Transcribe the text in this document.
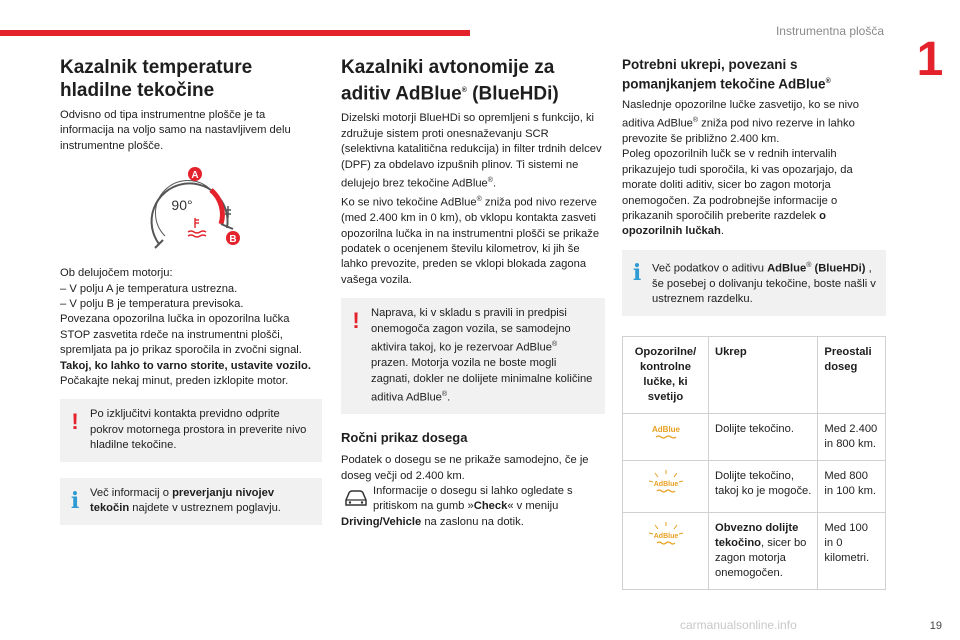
Instrumentna plošča
1
Kazalnik temperature hladilne tekočine

Odvisno od tipa instrumentne plošče je ta informacija na voljo samo na nastavljivem delu instrumentne plošče.

90°
A
B

Ob delujočem motorju:

– V polju A je temperatura ustrezna.

– V polju B je temperatura previsoka.

Povezana opozorilna lučka in opozorilna lučka STOP zasvetita rdeče na instrumentni plošči, spremljata pa jo prikaz sporočila in zvočni signal.

Takoj, ko lahko to varno storite, ustavite vozilo.

Počakajte nekaj minut, preden izklopite motor.

! Po izključitvi kontakta previdno odprite pokrov motornega prostora in preverite nivo hladilne tekočine.
i Več informacij o preverjanju nivojev tekočin najdete v ustreznem poglavju.
Kazalniki avtonomije za aditiv AdBlue® (BlueHDi)

Dizelski motorji BlueHDi so opremljeni s funkcijo, ki združuje sistem proti onesnaževanju SCR (selektivna katalitična redukcija) in filter trdnih delcev (DPF) za obdelavo izpušnih plinov. Ti sistemi ne delujejo brez tekočine AdBlue®.

Ko se nivo tekočine AdBlue® zniža pod nivo rezerve (med 2.400 km in 0 km), ob vklopu kontakta zasveti opozorilna lučka in na instrumentni plošči se prikaže podatek o ocenjenem številu kilometrov, ki jih še lahko prevozite, preden se vklopi blokada zagona vašega vozila.

! Napravа, ki v skladu s pravili in predpisi onemogoča zagon vozila, se samodejno aktivira takoj, ko je rezervoar AdBlue® prazen. Motorja vozila ne boste mogli zagnati, dokler ne dolijete minimalne količine aditiva AdBlue®.
Ročni prikaz dosega

Podatek o dosegu se ne prikaže samodejno, če je doseg večji od 2.400 km.

Informacije o dosegu si lahko ogledate s pritiskom na gumb »Check« v meniju Driving/Vehicle na zaslonu na dotik.

Potrebni ukrepi, povezani s pomanjkanjem tekočine AdBlue®

Naslednje opozorilne lučke zasvetijo, ko se nivo aditiva AdBlue® zniža pod nivo rezerve in lahko prevozite še približno 2.400 km.

Poleg opozorilnih lučk se v rednih intervalih prikazujejo tudi sporočila, ki vas opozarjajo, da morate doliti aditiv, sicer bo zagon motorja onemogočen. Za podrobnejše informacije o prikazanih sporočilih preberite razdelek o opozorilnih lučkah.

i Več podatkov o aditivu AdBlue® (BlueHDi) , še posebej o dolivanju tekočine, boste našli v ustreznem razdelku.
Opozorilne/ kontrolne lučke, ki svetijo	Ukrep	Preostali doseg

AdBlue	Dolijte tekočino.	Med 2.400 in 800 km.

AdBlue	Dolijte tekočino, takoj ko je mogoče.	Med 800 in 100 km.

AdBlue	Obvezno dolijte tekočino, sicer bo zagon motorja onemogočen.	Med 100 in 0 kilometri.
carmanualsonline.info	19
